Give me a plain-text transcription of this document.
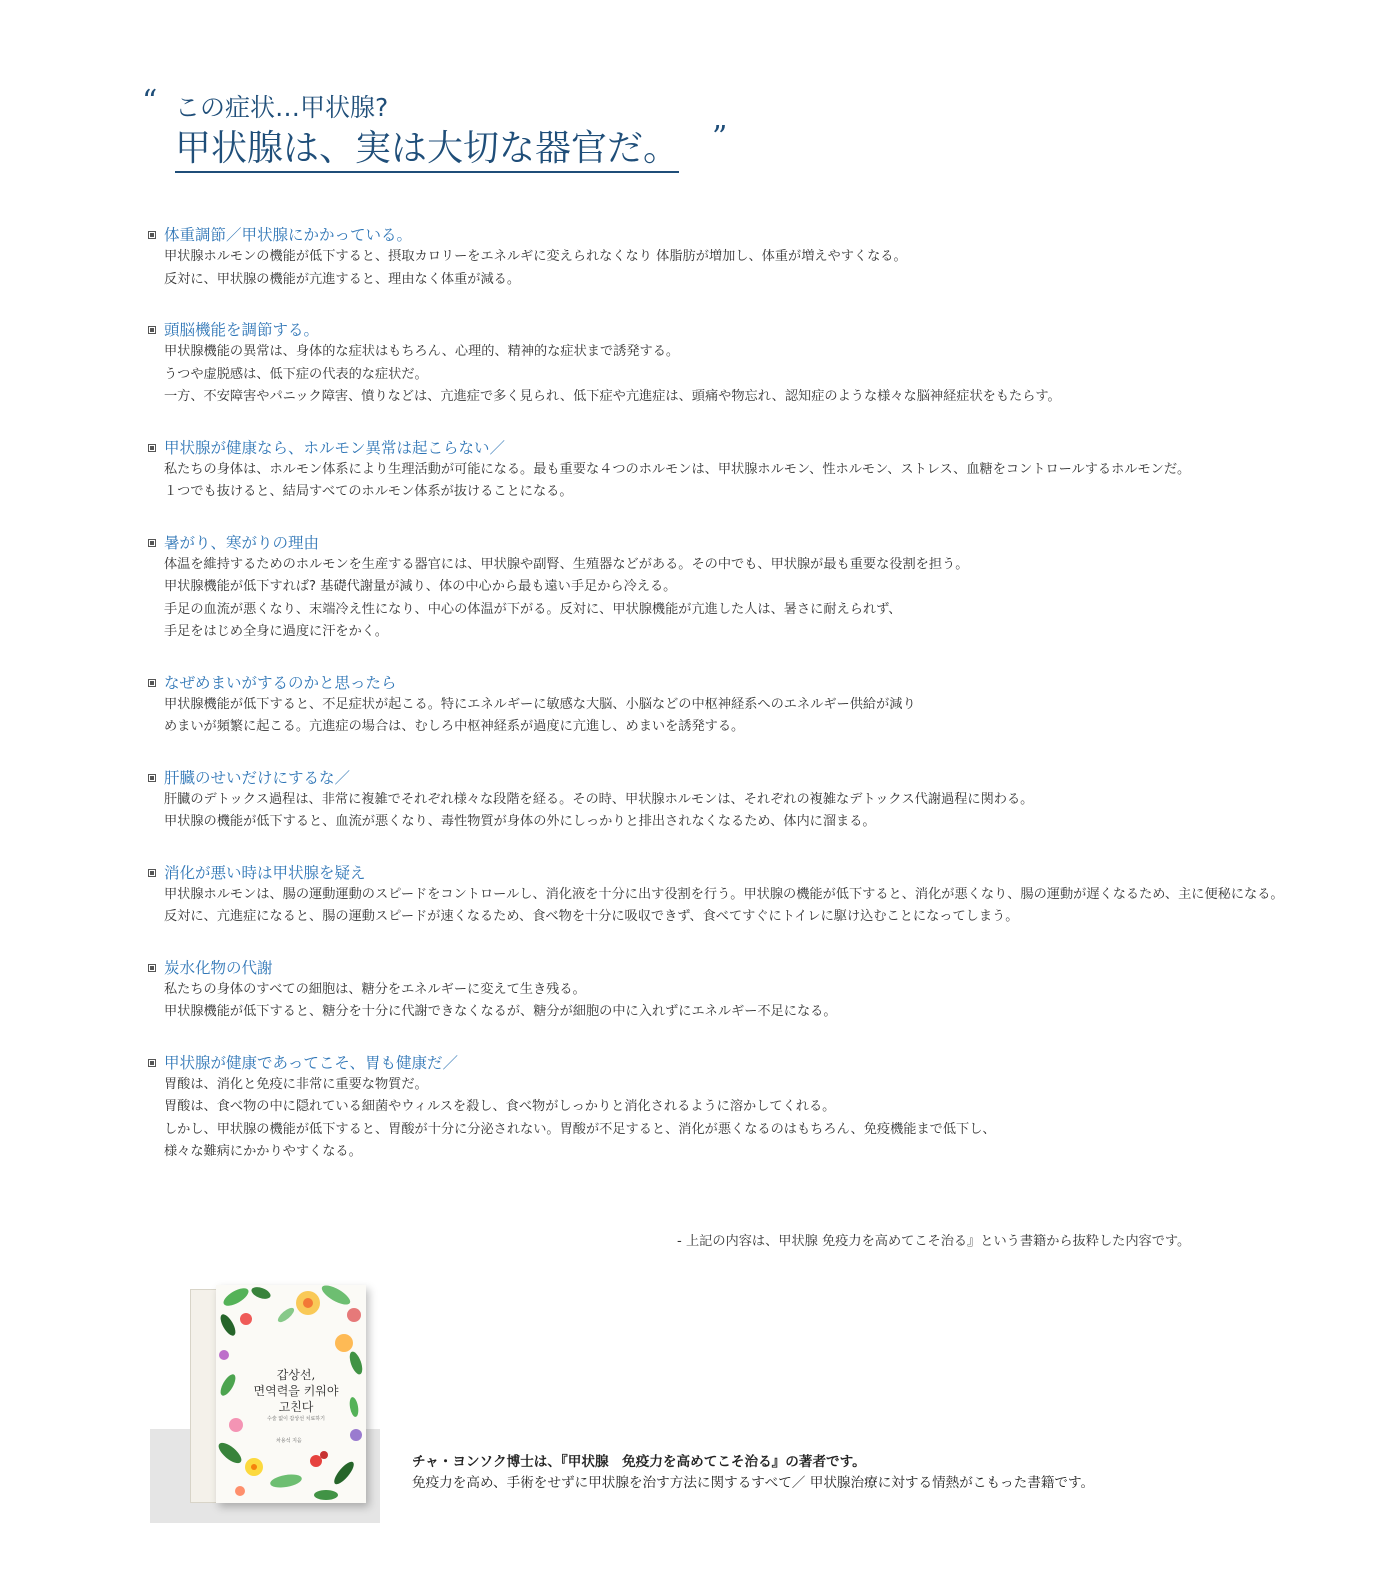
“ この症状…甲状腺?
甲状腺は、実は大切な器官だ。 ”
体重調節／甲状腺にかかっている。
甲状腺ホルモンの機能が低下すると、摂取カロリーをエネルギに変えられなくなり 体脂肪が増加し、体重が増えやすくなる。
反対に、甲状腺の機能が亢進すると、理由なく体重が減る。
頭脳機能を調節する。
甲状腺機能の異常は、身体的な症状はもちろん、心理的、精神的な症状まで誘発する。
うつや虚脱感は、低下症の代表的な症状だ。
一方、不安障害やパニック障害、憤りなどは、亢進症で多く見られ、低下症や亢進症は、頭痛や物忘れ、認知症のような様々な脳神経症状をもたらす。
甲状腺が健康なら、ホルモン異常は起こらない／
私たちの身体は、ホルモン体系により生理活動が可能になる。最も重要な４つのホルモンは、甲状腺ホルモン、性ホルモン、ストレス、血糖をコントロールするホルモンだ。
１つでも抜けると、結局すべてのホルモン体系が抜けることになる。
暑がり、寒がりの理由
体温を維持するためのホルモンを生産する器官には、甲状腺や副腎、生殖器などがある。その中でも、甲状腺が最も重要な役割を担う。
甲状腺機能が低下すれば? 基礎代謝量が減り、体の中心から最も遠い手足から冷える。
手足の血流が悪くなり、末端冷え性になり、中心の体温が下がる。反対に、甲状腺機能が亢進した人は、暑さに耐えられず、
手足をはじめ全身に過度に汗をかく。
なぜめまいがするのかと思ったら
甲状腺機能が低下すると、不足症状が起こる。特にエネルギーに敏感な大脳、小脳などの中枢神経系へのエネルギー供給が減り
めまいが頻繁に起こる。亢進症の場合は、むしろ中枢神経系が過度に亢進し、めまいを誘発する。
肝臓のせいだけにするな／
肝臓のデトックス過程は、非常に複雑でそれぞれ様々な段階を経る。その時、甲状腺ホルモンは、それぞれの複雑なデトックス代謝過程に関わる。
甲状腺の機能が低下すると、血流が悪くなり、毒性物質が身体の外にしっかりと排出されなくなるため、体内に溜まる。
消化が悪い時は甲状腺を疑え
甲状腺ホルモンは、腸の運動運動のスピードをコントロールし、消化液を十分に出す役割を行う。甲状腺の機能が低下すると、消化が悪くなり、腸の運動が遅くなるため、主に便秘になる。
反対に、亢進症になると、腸の運動スピードが速くなるため、食べ物を十分に吸収できず、食べてすぐにトイレに駆け込むことになってしまう。
炭水化物の代謝
私たちの身体のすべての細胞は、糖分をエネルギーに変えて生き残る。
甲状腺機能が低下すると、糖分を十分に代謝できなくなるが、糖分が細胞の中に入れずにエネルギー不足になる。
甲状腺が健康であってこそ、胃も健康だ／
胃酸は、消化と免疫に非常に重要な物質だ。
胃酸は、食べ物の中に隠れている細菌やウィルスを殺し、食べ物がしっかりと消化されるように溶かしてくれる。
しかし、甲状腺の機能が低下すると、胃酸が十分に分泌されない。胃酸が不足すると、消化が悪くなるのはもちろん、免疫機能まで低下し、
様々な難病にかかりやすくなる。
- 上記の内容は、甲状腺 免疫力を高めてこそ治る』という書籍から抜粋した内容です。
갑상선,
면역력을 키워야
고친다
수술 없이 갑상선 치료하기
차용석 지음
チャ・ヨンソク博士は、『甲状腺　免疫力を高めてこそ治る』の著者です。
免疫力を高め、手術をせずに甲状腺を治す方法に関するすべて／ 甲状腺治療に対する情熱がこもった書籍です。
